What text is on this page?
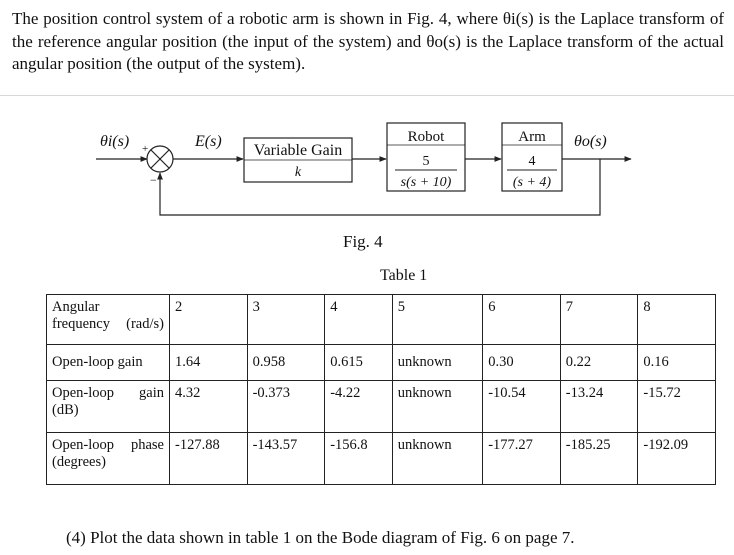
The position control system of a robotic arm is shown in Fig. 4, where θi(s) is the Laplace transform of the reference angular position (the input of the system) and θo(s) is the Laplace transform of the actual angular position (the output of the system).

θi(s) +
−
E(s)
Variable Gain
k
Robot
5
s(s + 10)
Arm
4
(s + 4)
θo(s)
Fig. 4
Table 1
Angular
frequency (rad/s)	2	3	4	5	6	7	8
Open-loop gain	1.64	0.958	0.615	unknown	0.30	0.22	0.16
Open-loop gain
(dB)	4.32	-0.373	-4.22	unknown	-10.54	-13.24	-15.72
Open-loop phase
(degrees)	-127.88	-143.57	-156.8	unknown	-177.27	-185.25	-192.09
(4) Plot the data shown in table 1 on the Bode diagram of Fig. 6 on page 7.
